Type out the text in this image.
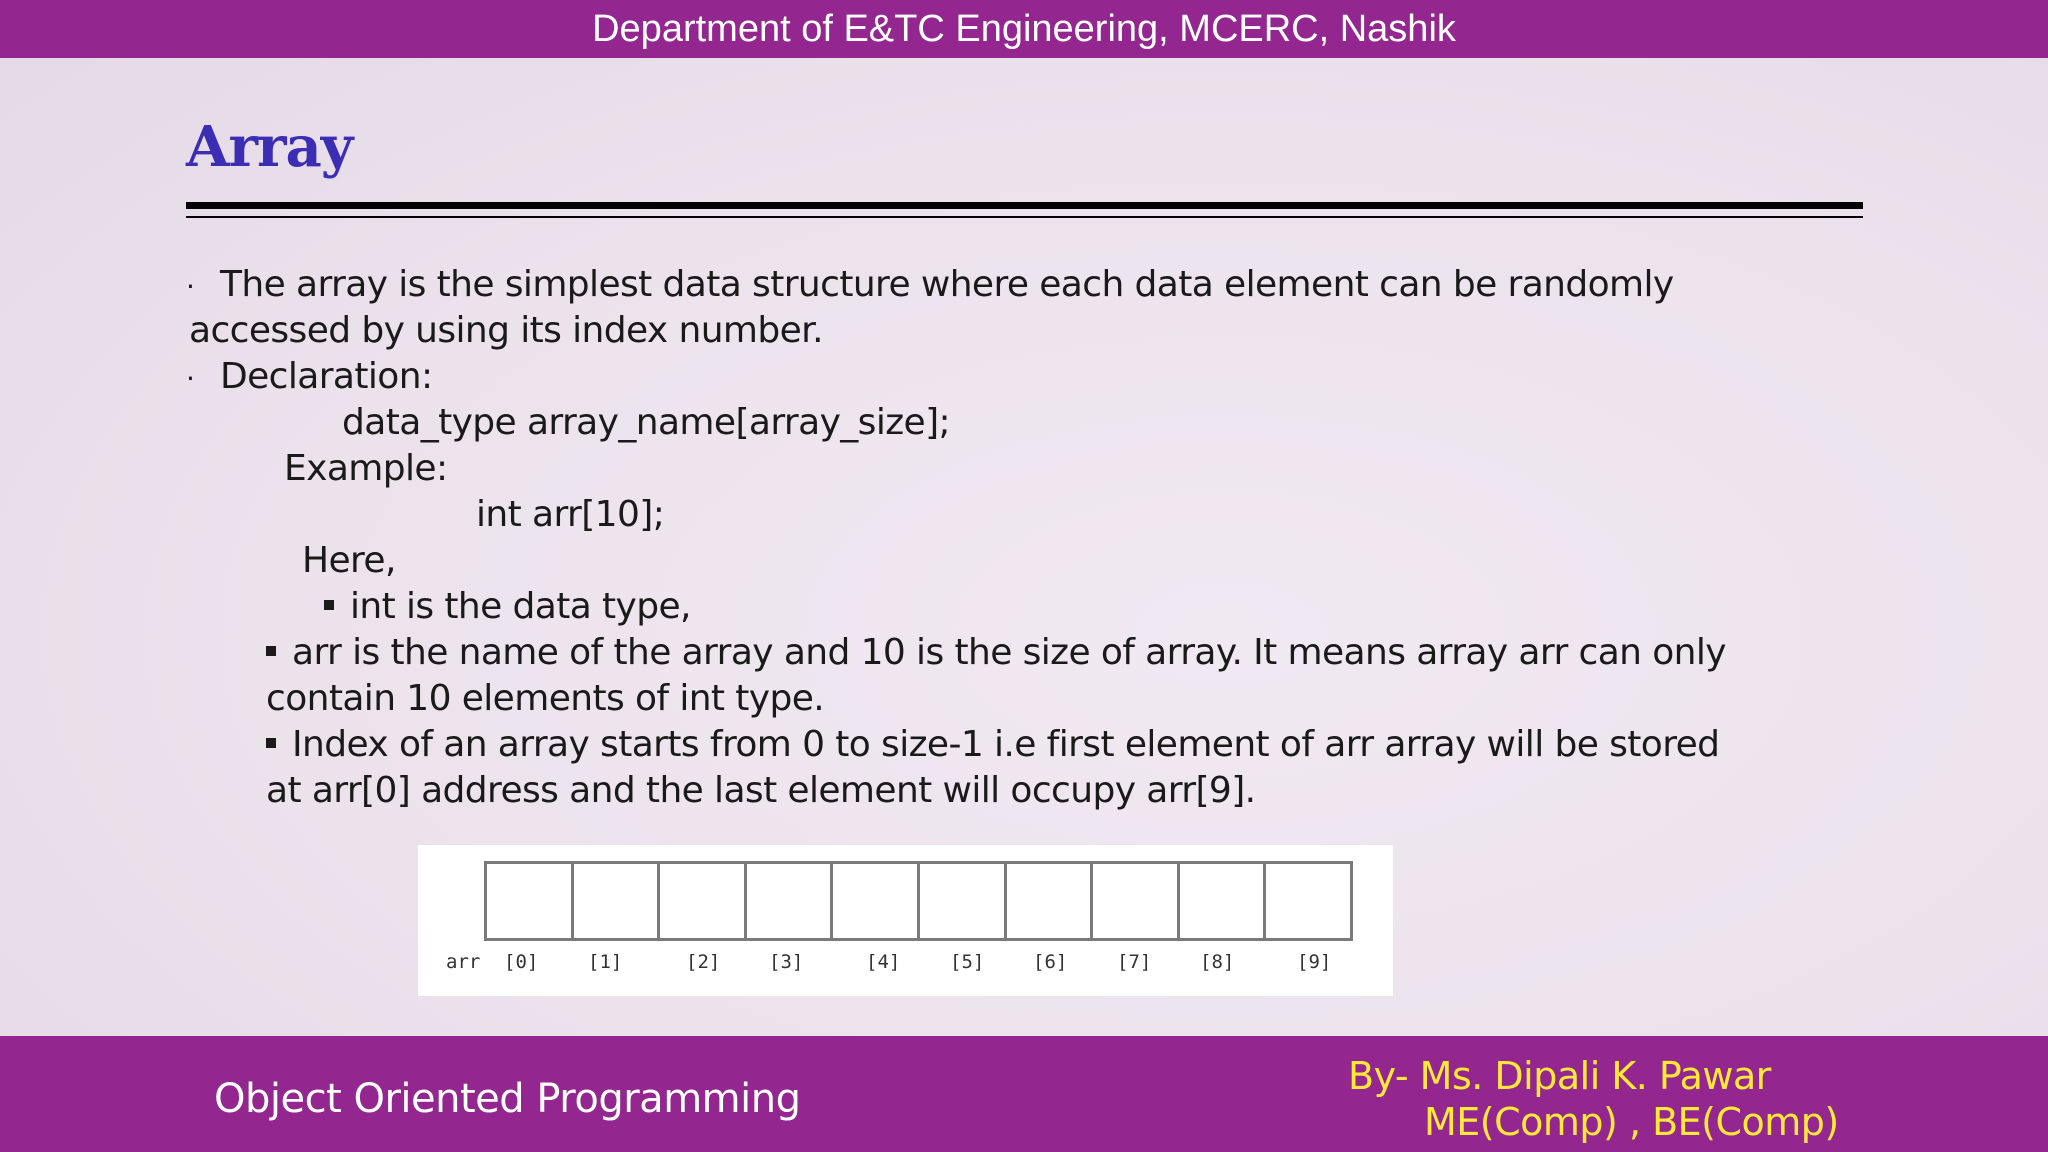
Department of E&TC Engineering, MCERC, Nashik
Array
· The array is the simplest data structure where each data element can be randomly
accessed by using its index number.
· Declaration:
data_type array_name[array_size];
Example:
int arr[10];
Here,
int is the data type,
arr is the name of the array and 10 is the size of array. It means array arr can only
contain 10 elements of int type.
Index of an array starts from 0 to size-1 i.e first element of arr array will be stored
at arr[0] address and the last element will occupy arr[9].
arr [0]	[1]	[2]	[3]	[4]	[5]	[6]	[7]	[8]	[9]
Object Oriented Programming	By- Ms. Dipali K. Pawar
ME(Comp) , BE(Comp)
